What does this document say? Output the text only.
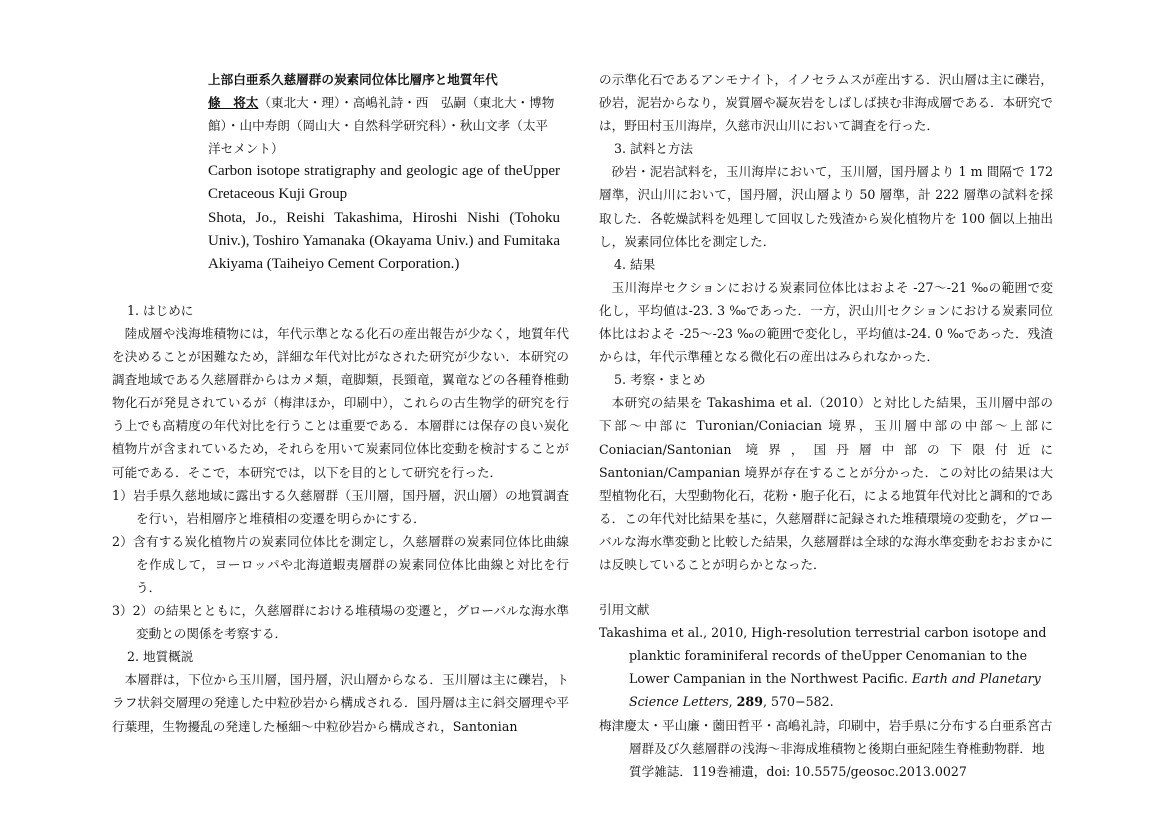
上部白亜系久慈層群の炭素同位体比層序と地質年代
條　将太（東北大・理）・高嶋礼詩・西　弘嗣（東北大・博物館）・山中寿朗（岡山大・自然科学研究科）・秋山文孝（太平洋セメント）
Carbon isotope stratigraphy and geologic age of theUpper Cretaceous Kuji Group
Shota, Jo., Reishi Takashima, Hiroshi Nishi (Tohoku Univ.), Toshiro Yamanaka (Okayama Univ.) and Fumitaka Akiyama (Taiheiyo Cement Corporation.)
1. はじめに

陸成層や浅海堆積物には，年代示準となる化石の産出報告が少なく，地質年代を決めることが困難なため，詳細な年代対比がなされた研究が少ない．本研究の調査地域である久慈層群からはカメ類，竜脚類，長頸竜，翼竜などの各種脊椎動物化石が発見されているが（梅津ほか，印刷中），これらの古生物学的研究を行う上でも高精度の年代対比を行うことは重要である．本層群には保存の良い炭化植物片が含まれているため，それらを用いて炭素同位体比変動を検討することが可能である．そこで，本研究では，以下を目的として研究を行った．

1）岩手県久慈地域に露出する久慈層群（玉川層，国丹層，沢山層）の地質調査を行い，岩相層序と堆積相の変遷を明らかにする．

2）含有する炭化植物片の炭素同位体比を測定し，久慈層群の炭素同位体比曲線を作成して，ヨーロッパや北海道蝦夷層群の炭素同位体比曲線と対比を行う．

3）2）の結果とともに，久慈層群における堆積場の変遷と，グローバルな海水準変動との関係を考察する．

2. 地質概説

本層群は，下位から玉川層，国丹層，沢山層からなる．玉川層は主に礫岩，トラフ状斜交層理の発達した中粒砂岩から構成される．国丹層は主に斜交層理や平行葉理，生物擾乱の発達した極細～中粒砂岩から構成され，Santonian

の示準化石であるアンモナイト，イノセラムスが産出する．沢山層は主に礫岩，砂岩，泥岩からなり，炭質層や凝灰岩をしばしば挟む非海成層である．本研究では，野田村玉川海岸，久慈市沢山川において調査を行った．

3. 試料と方法

砂岩・泥岩試料を，玉川海岸において，玉川層，国丹層より 1 m 間隔で 172 層準，沢山川において，国丹層，沢山層より 50 層準，計 222 層準の試料を採取した．各乾燥試料を処理して回収した残渣から炭化植物片を 100 個以上抽出し，炭素同位体比を測定した．

4. 結果

玉川海岸セクションにおける炭素同位体比はおよそ -27～-21 ‰の範囲で変化し，平均値は-23. 3 ‰であった．一方，沢山川セクションにおける炭素同位体比はおよそ -25～-23 ‰の範囲で変化し，平均値は-24. 0 ‰であった．残渣からは，年代示準種となる微化石の産出はみられなかった．

5. 考察・まとめ

本研究の結果を Takashima et al.（2010）と対比した結果，玉川層中部の下部～中部に Turonian/Coniacian 境界，玉川層中部の中部～上部に Coniacian/Santonian 境界，国丹層中部の下限付近に Santonian/Campanian 境界が存在することが分かった．この対比の結果は大型植物化石，大型動物化石，花粉・胞子化石，による地質年代対比と調和的である．この年代対比結果を基に，久慈層群に記録された堆積環境の変動を，グローバルな海水準変動と比較した結果，久慈層群は全球的な海水準変動をおおまかには反映していることが明らかとなった．

引用文献

Takashima et al., 2010, High-resolution terrestrial carbon isotope and planktic foraminiferal records of theUpper Cenomanian to the Lower Campanian in the Northwest Pacific. Earth and Planetary Science Letters, 289, 570−582.

梅津慶太・平山廉・薗田哲平・高嶋礼詩，印刷中，岩手県に分布する白亜系宮古層群及び久慈層群の浅海～非海成堆積物と後期白亜紀陸生脊椎動物群．地質学雑誌．119巻補遺，doi: 10.5575/geosoc.2013.0027
